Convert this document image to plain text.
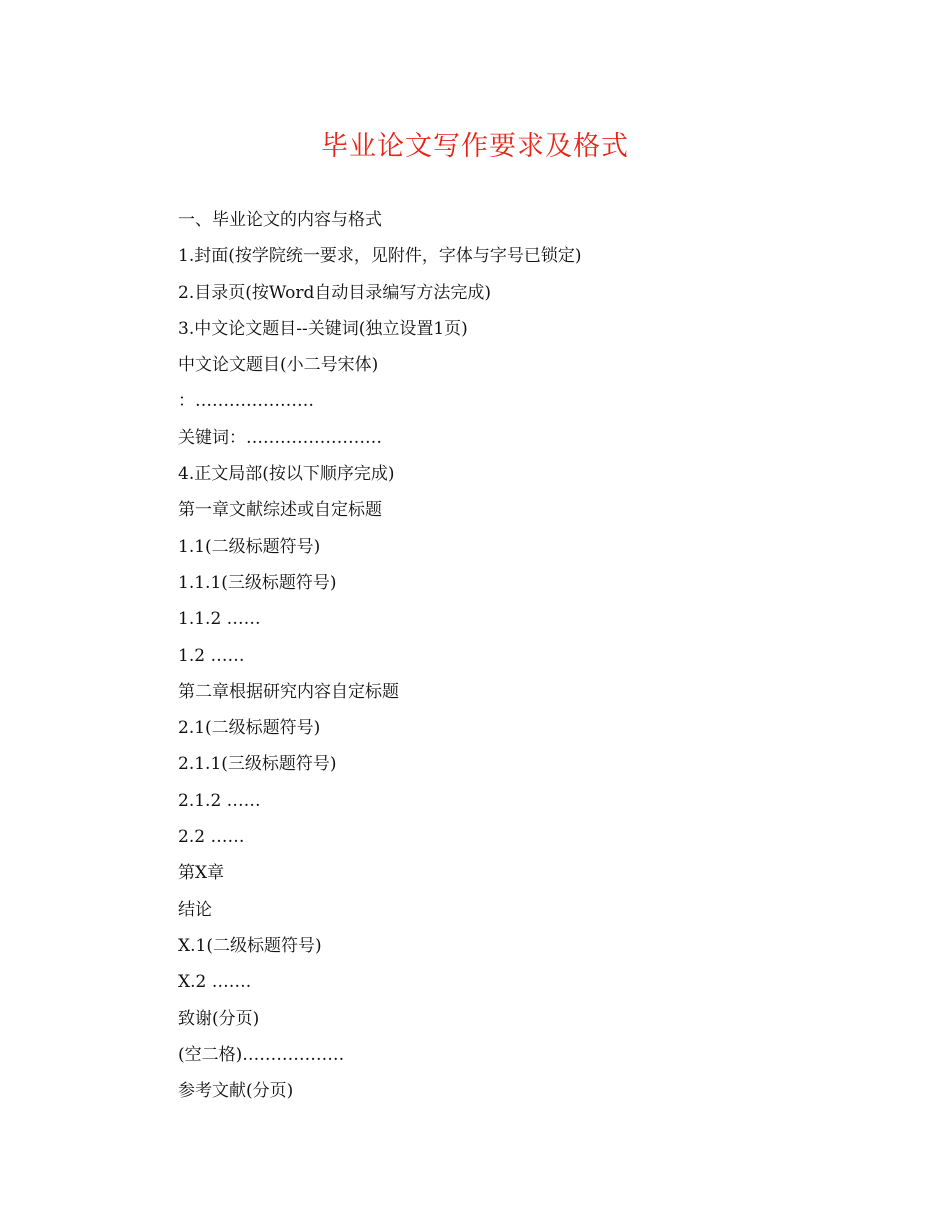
毕业论文写作要求及格式
一、毕业论文的内容与格式
1.封面(按学院统一要求，见附件，字体与字号已锁定)
2.目录页(按Word自动目录编写方法完成)
3.中文论文题目--关键词(独立设置1页)
中文论文题目(小二号宋体)
：…………………
关键词：……………………
4.正文局部(按以下顺序完成)
第一章文献综述或自定标题
1.1(二级标题符号)
1.1.1(三级标题符号)
1.1.2 ……
1.2 ……
第二章根据研究内容自定标题
2.1(二级标题符号)
2.1.1(三级标题符号)
2.1.2 ……
2.2 ……
第X章
结论
X.1(二级标题符号)
X.2 …….
致谢(分页)
(空二格)………………
参考文献(分页)
